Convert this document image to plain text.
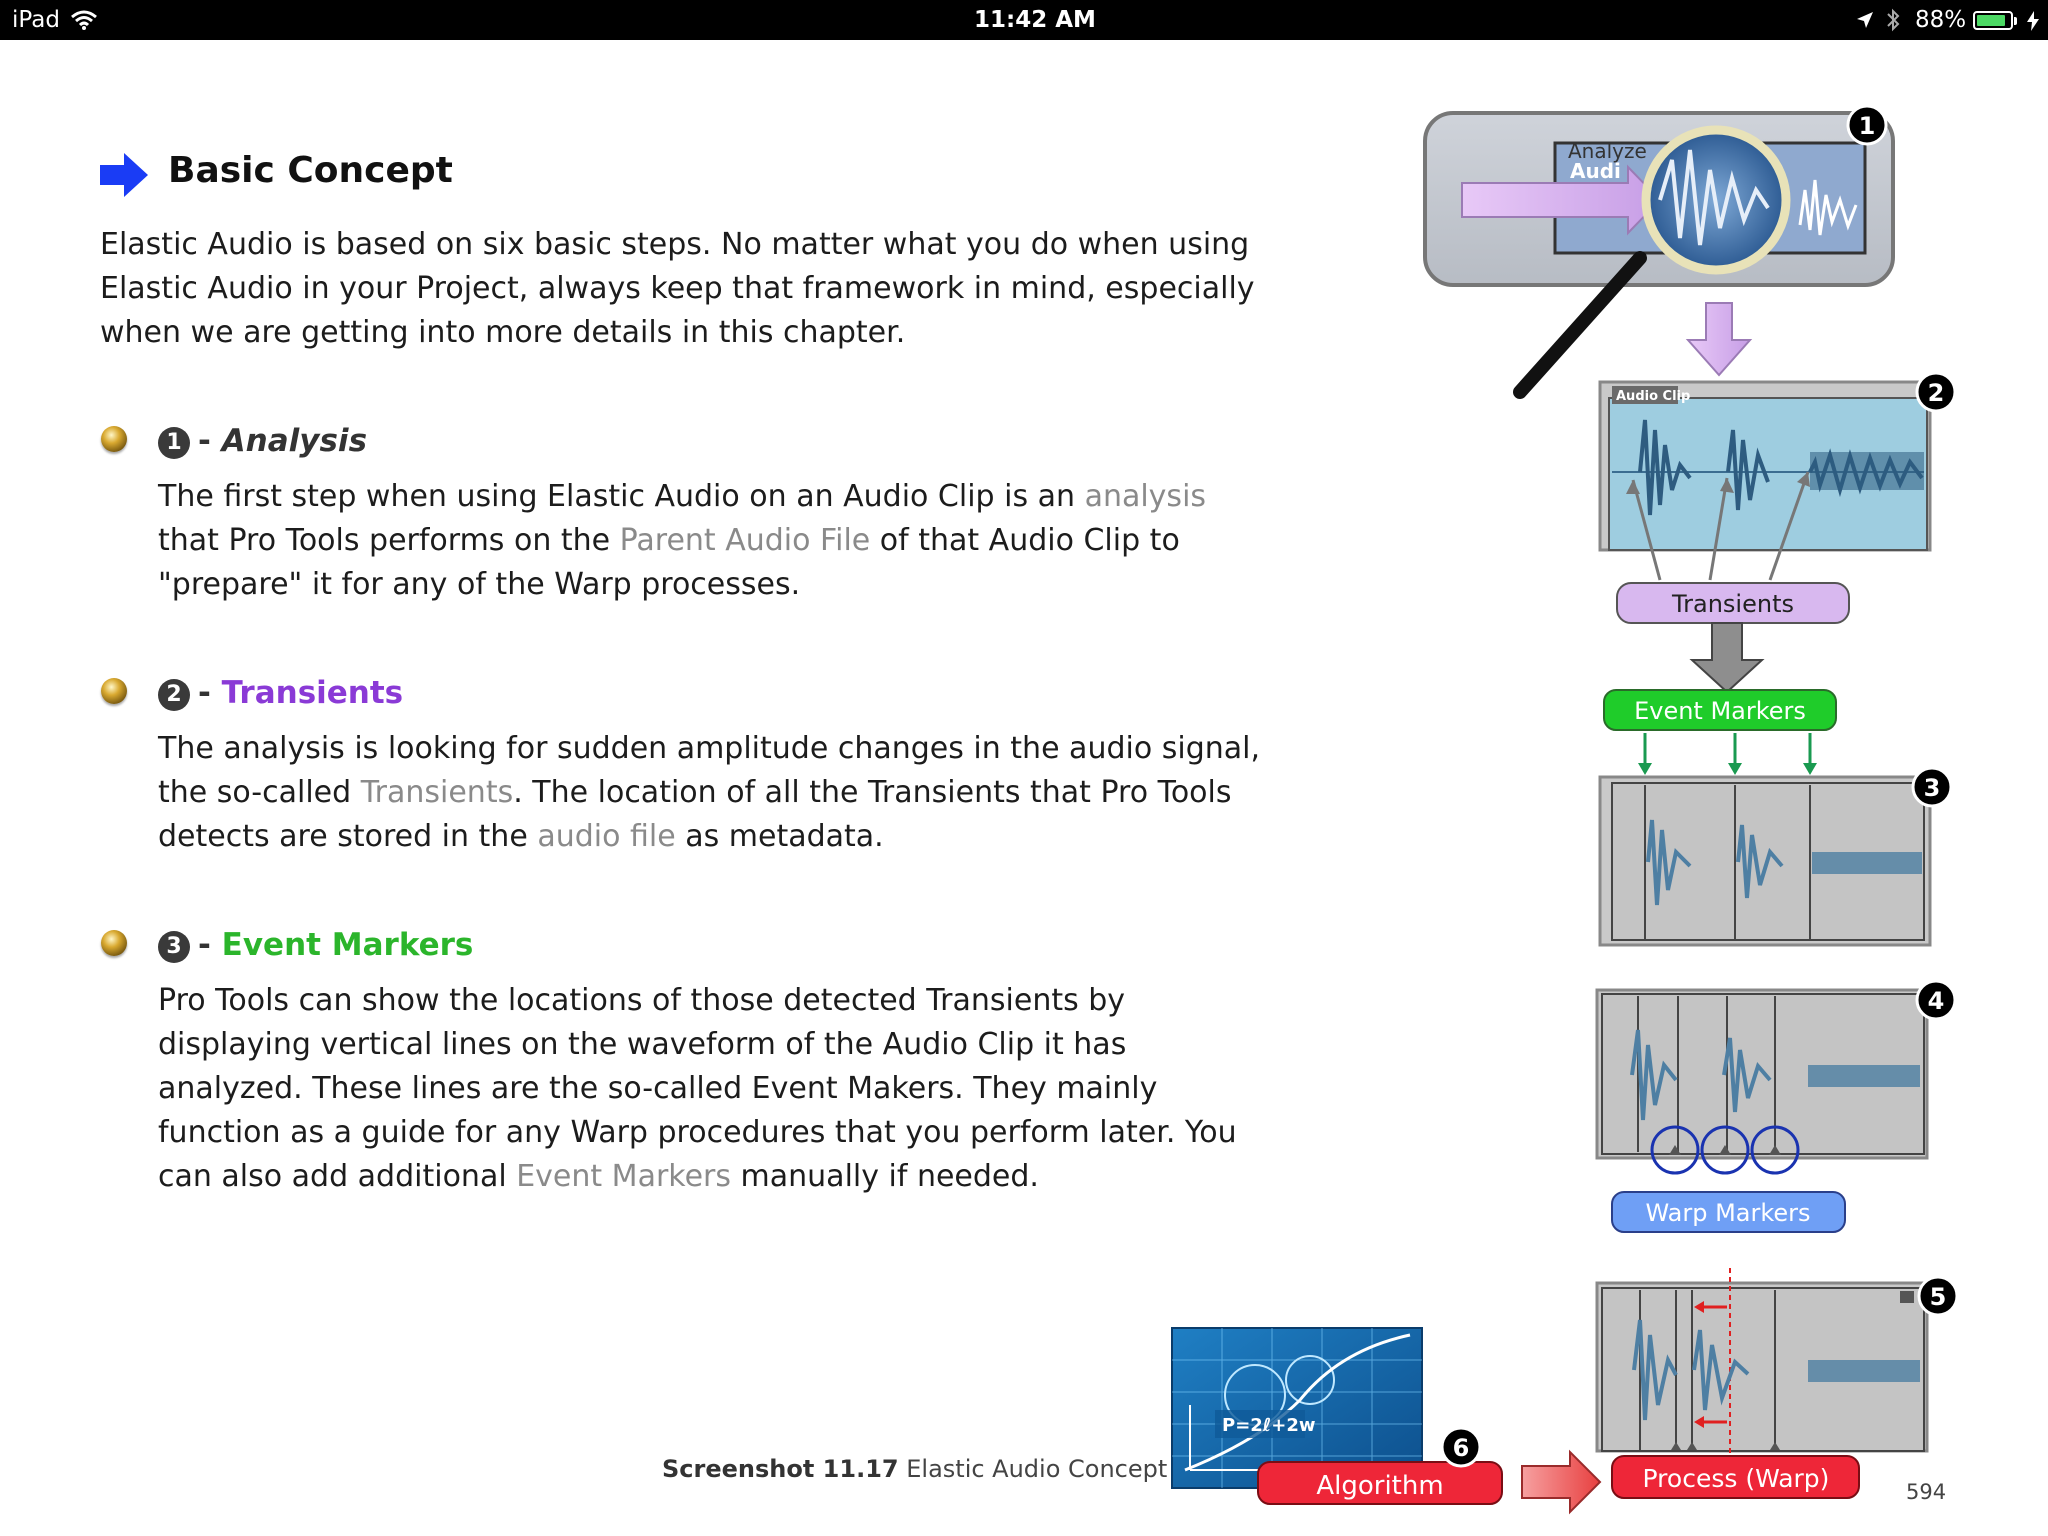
iPad	11:42 AM	88%
Basic Concept
Elastic Audio is based on six basic steps. No matter what you do when using
Elastic Audio in your Project, always keep that framework in mind, especially
when we are getting into more details in this chapter.
1 - Analysis
The first step when using Elastic Audio on an Audio Clip is an analysis
that Pro Tools performs on the Parent Audio File of that Audio Clip to
"prepare" it for any of the Warp processes.
2 - Transients
The analysis is looking for sudden amplitude changes in the audio signal,
the so-called Transients. The location of all the Transients that Pro Tools
detects are stored in the audio file as metadata.
3 - Event Markers
Pro Tools can show the locations of those detected Transients by
displaying vertical lines on the waveform of the Audio Clip it has
analyzed. These lines are the so-called Event Makers. They mainly
function as a guide for any Warp procedures that you perform later. You
can also add additional Event Markers manually if needed.
Analyze
Audi
1
Audio Clip	2
Transients
Event Markers
3
4
Warp Markers
5
Process (Warp)
P=2ℓ+2w
Algorithm
6
Screenshot 11.17 Elastic Audio Concept
594
